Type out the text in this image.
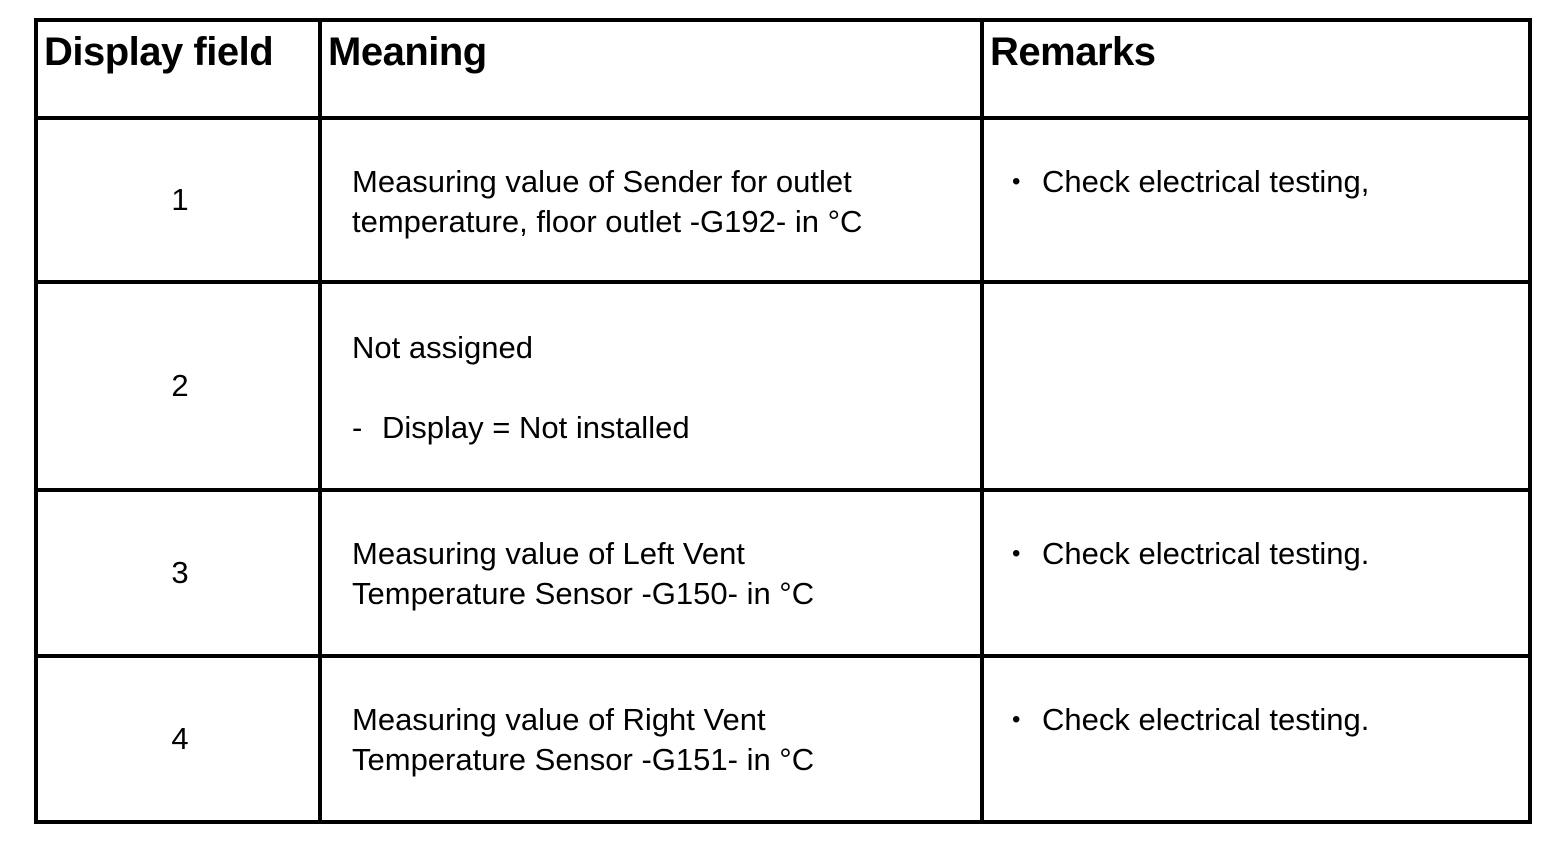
Display field	Meaning	Remarks

1	Measuring value of Sender for outlet
temperature, floor outlet -G192- in °C	• Check electrical testing,

2	Not assigned
- Display = Not installed	

3	Measuring value of Left Vent
Temperature Sensor -G150- in °C	• Check electrical testing.

4	Measuring value of Right Vent
Temperature Sensor -G151- in °C	• Check electrical testing.
